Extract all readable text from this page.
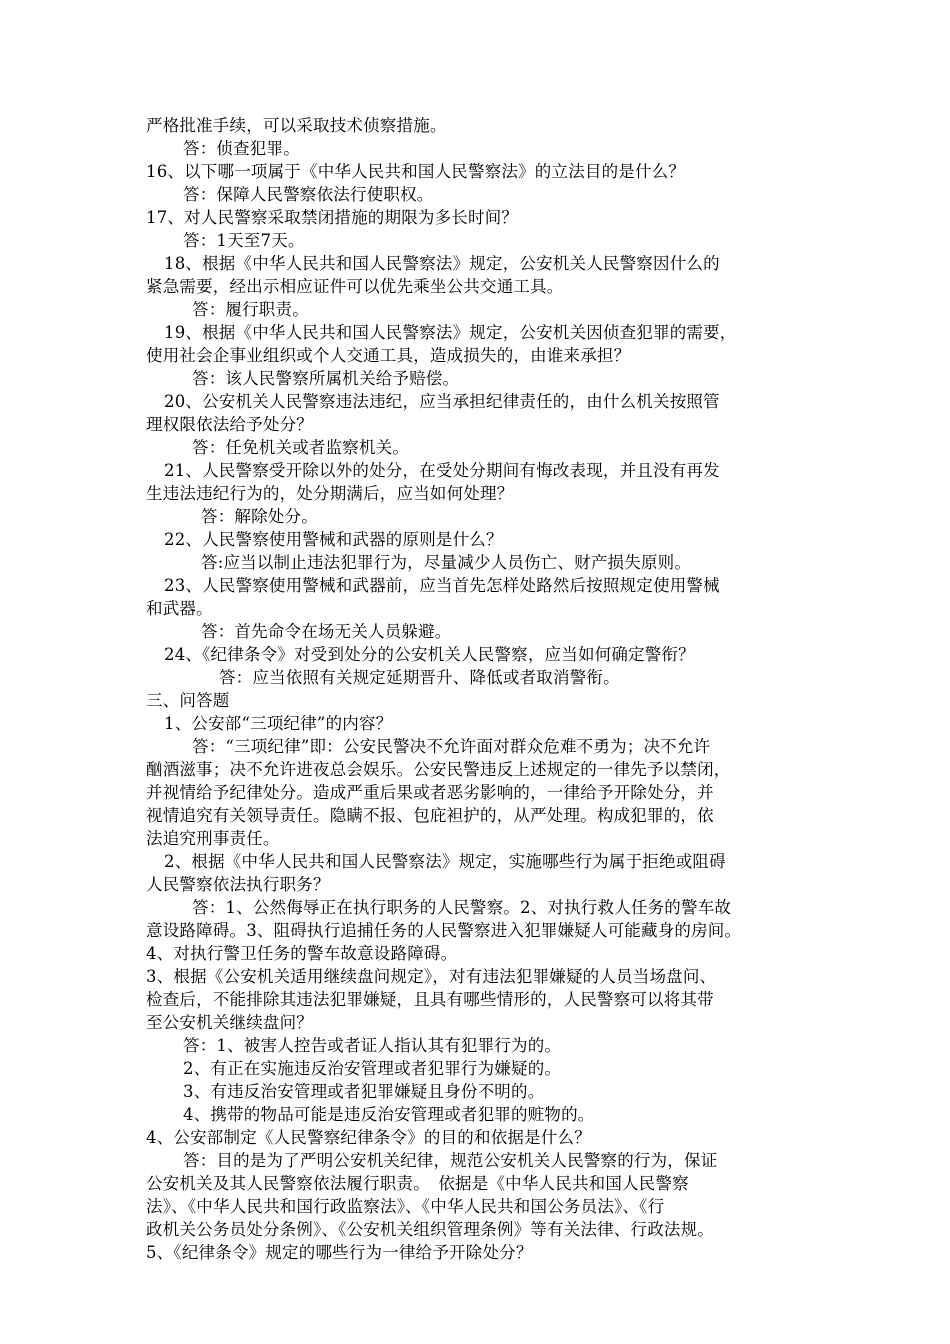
严格批准手续，可以采取技术侦察措施。
答：侦查犯罪。
16、以下哪一项属于《中华人民共和国人民警察法》的立法目的是什么？
答：保障人民警察依法行使职权。
17、对人民警察采取禁闭措施的期限为多长时间？
答：1天至7天。
18、根据《中华人民共和国人民警察法》规定，公安机关人民警察因什么的
紧急需要，经出示相应证件可以优先乘坐公共交通工具。
答：履行职责。
19、根据《中华人民共和国人民警察法》规定，公安机关因侦查犯罪的需要，
使用社会企事业组织或个人交通工具，造成损失的，由谁来承担？
答：该人民警察所属机关给予赔偿。
20、公安机关人民警察违法违纪，应当承担纪律责任的，由什么机关按照管
理权限依法给予处分？
答：任免机关或者监察机关。
21、人民警察受开除以外的处分，在受处分期间有悔改表现，并且没有再发
生违法违纪行为的，处分期满后，应当如何处理？
答：解除处分。
22、人民警察使用警械和武器的原则是什么？
答:应当以制止违法犯罪行为，尽量减少人员伤亡、财产损失原则。
23、人民警察使用警械和武器前，应当首先怎样处路然后按照规定使用警械
和武器。
答：首先命令在场无关人员躲避。
24、《纪律条令》对受到处分的公安机关人民警察，应当如何确定警衔？
答：应当依照有关规定延期晋升、降低或者取消警衔。
三、问答题
1、公安部“三项纪律”的内容？
答：“三项纪律”即：公安民警决不允许面对群众危难不勇为；决不允许
酗酒滋事；决不允许进夜总会娱乐。公安民警违反上述规定的一律先予以禁闭，
并视情给予纪律处分。造成严重后果或者恶劣影响的，一律给予开除处分，并
视情追究有关领导责任。隐瞒不报、包庇袒护的，从严处理。构成犯罪的，依
法追究刑事责任。
2、根据《中华人民共和国人民警察法》规定，实施哪些行为属于拒绝或阻碍
人民警察依法执行职务？
答：1、公然侮辱正在执行职务的人民警察。2、对执行救人任务的警车故
意设路障碍。3、阻碍执行追捕任务的人民警察进入犯罪嫌疑人可能藏身的房间。
4、对执行警卫任务的警车故意设路障碍。
3、根据《公安机关适用继续盘问规定》，对有违法犯罪嫌疑的人员当场盘问、
检查后，不能排除其违法犯罪嫌疑，且具有哪些情形的，人民警察可以将其带
至公安机关继续盘问？
答：1、被害人控告或者证人指认其有犯罪行为的。
2、有正在实施违反治安管理或者犯罪行为嫌疑的。
3、有违反治安管理或者犯罪嫌疑且身份不明的。
4、携带的物品可能是违反治安管理或者犯罪的赃物的。
4、公安部制定《人民警察纪律条令》的目的和依据是什么？
答：目的是为了严明公安机关纪律，规范公安机关人民警察的行为，保证
公安机关及其人民警察依法履行职责。　依据是《中华人民共和国人民警察
法》、《中华人民共和国行政监察法》、《中华人民共和国公务员法》、《行
政机关公务员处分条例》、《公安机关组织管理条例》等有关法律、行政法规。
5、《纪律条令》规定的哪些行为一律给予开除处分？
